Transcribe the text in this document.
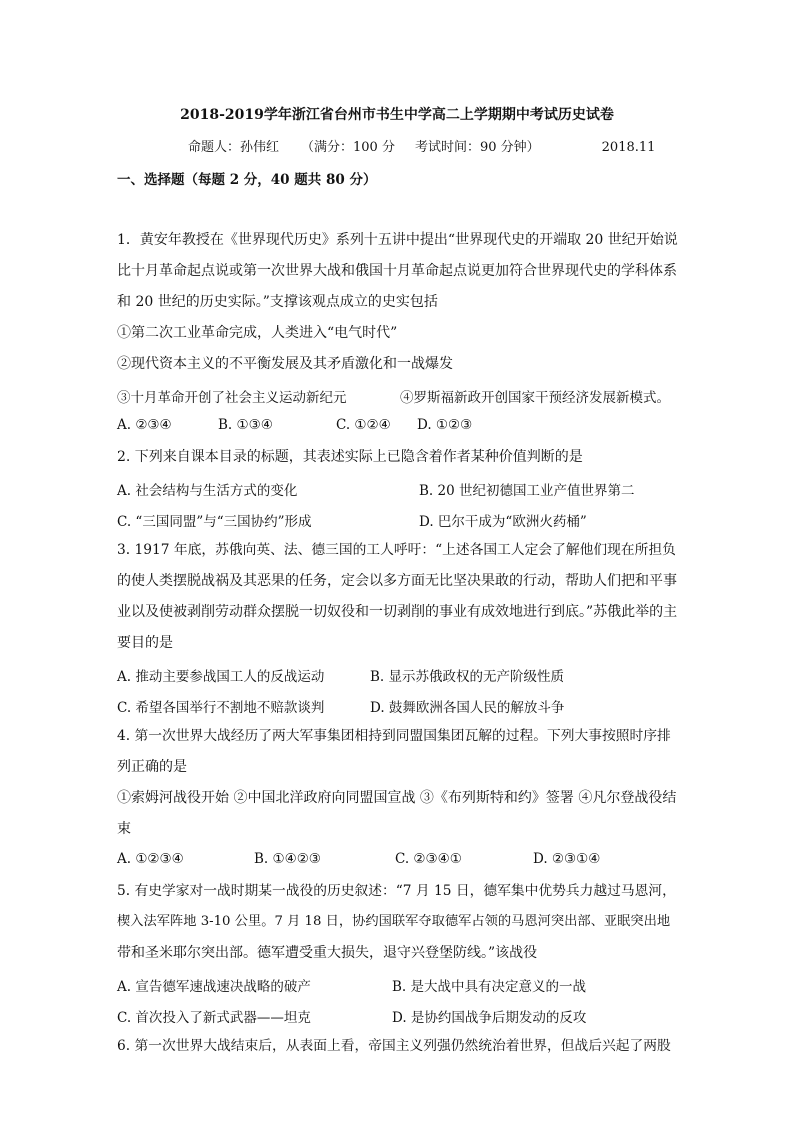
2018-2019学年浙江省台州市书生中学高二上学期期中考试历史试卷
命题人：孙伟红 （满分：100 分 考试时间：90 分钟）	2018.11
一、选择题（每题 2 分，40 题共 80 分）
1．黄安年教授在《世界现代历史》系列十五讲中提出“世界现代史的开端取 20 世纪开始说
比十月革命起点说或第一次世界大战和俄国十月革命起点说更加符合世界现代史的学科体系
和 20 世纪的历史实际。”支撑该观点成立的史实包括
①第二次工业革命完成，人类进入“电气时代”
②现代资本主义的不平衡发展及其矛盾激化和一战爆发
③十月革命开创了社会主义运动新纪元	④罗斯福新政开创国家干预经济发展新模式。
A. ②③④	B. ①③④	C. ①②④ D. ①②③
2. 下列来自课本目录的标题，其表述实际上已隐含着作者某种价值判断的是
A. 社会结构与生活方式的变化	B. 20 世纪初德国工业产值世界第二
C. “三国同盟”与“三国协约”形成	D. 巴尔干成为“欧洲火药桶”
3. 1917 年底，苏俄向英、法、德三国的工人呼吁：“上述各国工人定会了解他们现在所担负
的使人类摆脱战祸及其恶果的任务，定会以多方面无比坚决果敢的行动，帮助人们把和平事
业以及使被剥削劳动群众摆脱一切奴役和一切剥削的事业有成效地进行到底。”苏俄此举的主
要目的是
A. 推动主要参战国工人的反战运动	B. 显示苏俄政权的无产阶级性质
C. 希望各国举行不割地不赔款谈判	D. 鼓舞欧洲各国人民的解放斗争
4. 第一次世界大战经历了两大军事集团相持到同盟国集团瓦解的过程。下列大事按照时序排
列正确的是
①索姆河战役开始 ②中国北洋政府向同盟国宣战 ③《布列斯特和约》签署 ④凡尔登战役结
束
A. ①②③④	B. ①④②③	C. ②③④①	D. ②③①④
5. 有史学家对一战时期某一战役的历史叙述：“7 月 15 日，德军集中优势兵力越过马恩河，
楔入法军阵地 3-10 公里。7 月 18 日，协约国联军夺取德军占领的马恩河突出部、亚眠突出地
带和圣米耶尔突出部。德军遭受重大损失，退守兴登堡防线。”该战役
A. 宣告德军速战速决战略的破产	B. 是大战中具有决定意义的一战
C. 首次投入了新式武器——坦克	D. 是协约国战争后期发动的反攻
6. 第一次世界大战结束后，从表面上看，帝国主义列强仍然统治着世界，但战后兴起了两股
